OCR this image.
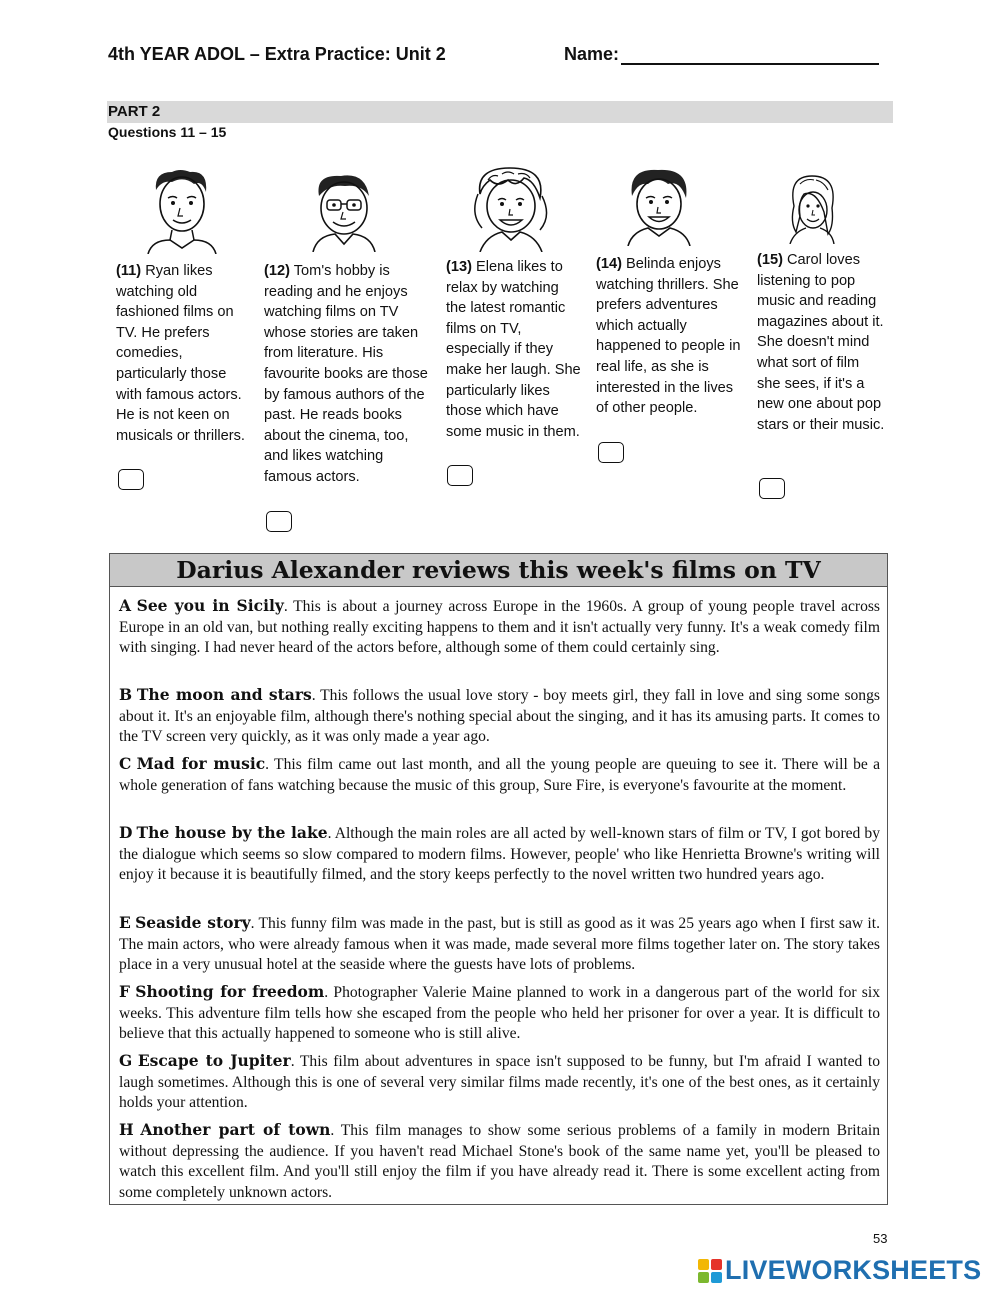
4th YEAR ADOL – Extra Practice: Unit 2	Name:
PART 2
Questions 11 – 15
(11) Ryan likes watching old fashioned films on TV. He prefers comedies, particularly those with famous actors. He is not keen on musicals or thrillers.
(12) Tom's hobby is reading and he enjoys watching films on TV whose stories are taken from literature. His favourite books are those by famous authors of the past. He reads books about the cinema, too, and likes watching famous actors.
(13) Elena likes to relax by watching the latest romantic films on TV, especially if they make her laugh. She particularly likes those which have some music in them.
(14) Belinda enjoys watching thrillers. She prefers adventures which actually happened to people in real life, as she is interested in the lives of other people.
(15) Carol loves listening to pop music and reading magazines about it. She doesn't mind what sort of film she sees, if it's a new one about pop stars or their music.
Darius Alexander reviews this week's films on TV
A See you in Sicily. This is about a journey across Europe in the 1960s. A group of young people travel across Europe in an old van, but nothing really exciting happens to them and it isn't actually very funny. It's a weak comedy film with singing. I had never heard of the actors before, although some of them could certainly sing.
B The moon and stars. This follows the usual love story - boy meets girl, they fall in love and sing some songs about it. It's an enjoyable film, although there's nothing special about the singing, and it has its amusing parts. It comes to the TV screen very quickly, as it was only made a year ago.
C Mad for music. This film came out last month, and all the young people are queuing to see it. There will be a whole generation of fans watching because the music of this group, Sure Fire, is everyone's favourite at the moment.
D The house by the lake. Although the main roles are all acted by well-known stars of film or TV, I got bored by the dialogue which seems so slow compared to modern films. However, people' who like Henrietta Browne's writing will enjoy it because it is beautifully filmed, and the story keeps perfectly to the novel written two hundred years ago.
E Seaside story. This funny film was made in the past, but is still as good as it was 25 years ago when I first saw it. The main actors, who were already famous when it was made, made several more films together later on. The story takes place in a very unusual hotel at the seaside where the guests have lots of problems.
F Shooting for freedom. Photographer Valerie Maine planned to work in a dangerous part of the world for six weeks. This adventure film tells how she escaped from the people who held her prisoner for over a year. It is difficult to believe that this actually happened to someone who is still alive.
G Escape to Jupiter. This film about adventures in space isn't supposed to be funny, but I'm afraid I wanted to laugh sometimes. Although this is one of several very similar films made recently, it's one of the best ones, as it certainly holds your attention.
H Another part of town. This film manages to show some serious problems of a family in modern Britain without depressing the audience. If you haven't read Michael Stone's book of the same name yet, you'll be pleased to watch this excellent film. And you'll still enjoy the film if you have already read it. There is some excellent acting from some completely unknown actors.
53
LIVEWORKSHEETS
